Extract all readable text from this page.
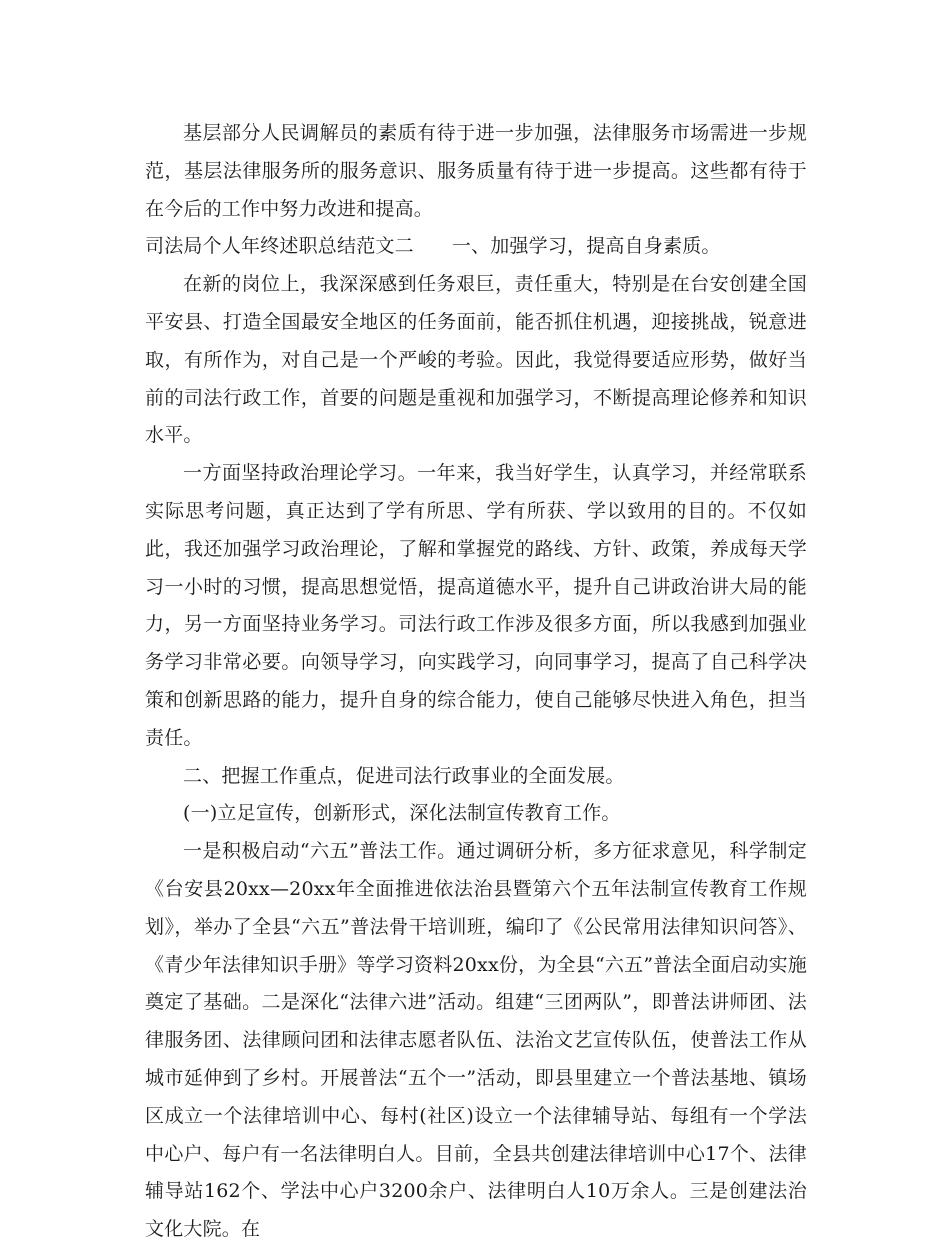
基层部分人民调解员的素质有待于进一步加强，法律服务市场需进一步规范，基层法律服务所的服务意识、服务质量有待于进一步提高。这些都有待于在今后的工作中努力改进和提高。

司法局个人年终述职总结范文二 一、加强学习，提高自身素质。

在新的岗位上，我深深感到任务艰巨，责任重大，特别是在台安创建全国平安县、打造全国最安全地区的任务面前，能否抓住机遇，迎接挑战，锐意进取，有所作为，对自己是一个严峻的考验。因此，我觉得要适应形势，做好当前的司法行政工作，首要的问题是重视和加强学习，不断提高理论修养和知识水平。

一方面坚持政治理论学习。一年来，我当好学生，认真学习，并经常联系实际思考问题，真正达到了学有所思、学有所获、学以致用的目的。不仅如此，我还加强学习政治理论，了解和掌握党的路线、方针、政策，养成每天学习一小时的习惯，提高思想觉悟，提高道德水平，提升自己讲政治讲大局的能力，另一方面坚持业务学习。司法行政工作涉及很多方面，所以我感到加强业务学习非常必要。向领导学习，向实践学习，向同事学习，提高了自己科学决策和创新思路的能力，提升自身的综合能力，使自己能够尽快进入角色，担当责任。

二、把握工作重点，促进司法行政事业的全面发展。

(一)立足宣传，创新形式，深化法制宣传教育工作。

一是积极启动“六五”普法工作。通过调研分析，多方征求意见，科学制定《台安县20xx—20xx年全面推进依法治县暨第六个五年法制宣传教育工作规划》，举办了全县“六五”普法骨干培训班，编印了《公民常用法律知识问答》、《青少年法律知识手册》等学习资料20xx份，为全县“六五”普法全面启动实施奠定了基础。二是深化“法律六进”活动。组建“三团两队”，即普法讲师团、法律服务团、法律顾问团和法律志愿者队伍、法治文艺宣传队伍，使普法工作从城市延伸到了乡村。开展普法“五个一”活动，即县里建立一个普法基地、镇场区成立一个法律培训中心、每村(社区)设立一个法律辅导站、每组有一个学法中心户、每户有一名法律明白人。目前，全县共创建法律培训中心17个、法律辅导站162个、学法中心户3200余户、法律明白人10万余人。三是创建法治文化大院。在
